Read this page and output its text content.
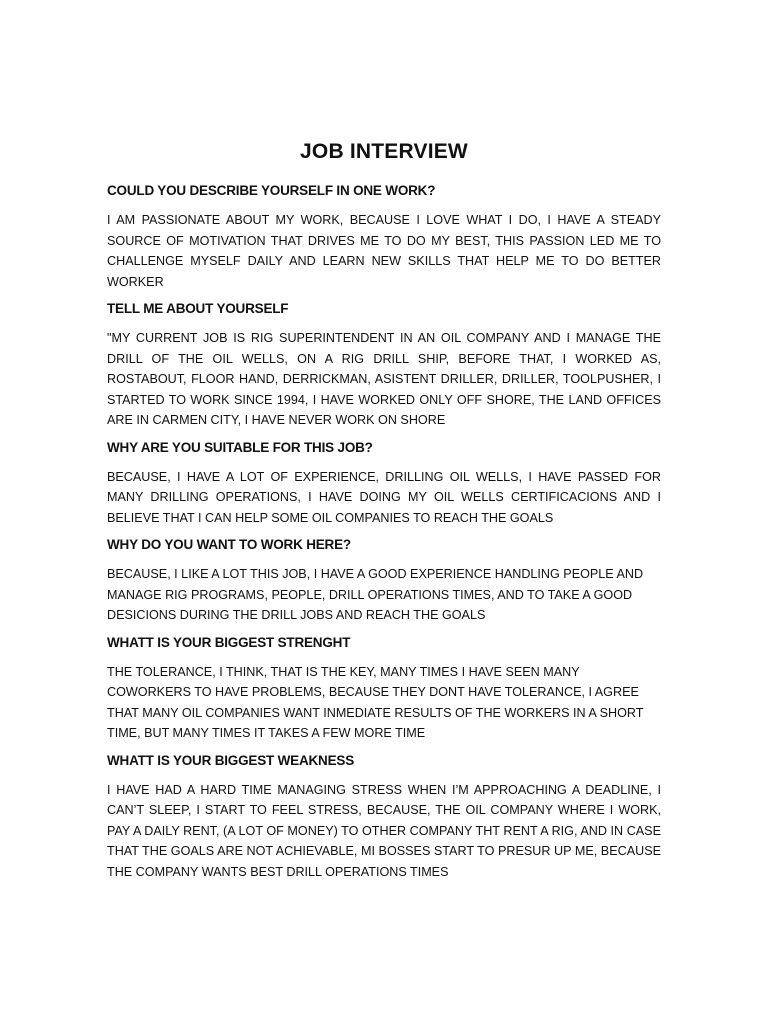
JOB INTERVIEW
COULD YOU DESCRIBE YOURSELF IN ONE WORK?

I AM PASSIONATE ABOUT MY WORK, BECAUSE I LOVE WHAT I DO, I HAVE A STEADY SOURCE OF MOTIVATION THAT DRIVES ME TO DO MY BEST, THIS PASSION LED ME TO CHALLENGE MYSELF DAILY AND LEARN NEW SKILLS THAT HELP ME TO DO BETTER WORKER

TELL ME ABOUT YOURSELF

"MY CURRENT JOB IS RIG SUPERINTENDENT IN AN OIL COMPANY AND I MANAGE THE DRILL OF THE OIL WELLS, ON A RIG DRILL SHIP, BEFORE THAT, I WORKED AS, ROSTABOUT, FLOOR HAND, DERRICKMAN, ASISTENT DRILLER, DRILLER, TOOLPUSHER, I STARTED TO WORK SINCE 1994, I HAVE WORKED ONLY OFF SHORE, THE LAND OFFICES ARE IN CARMEN CITY, I HAVE NEVER WORK ON SHORE

WHY ARE YOU SUITABLE FOR THIS JOB?

BECAUSE, I HAVE A LOT OF EXPERIENCE, DRILLING OIL WELLS, I HAVE PASSED FOR MANY DRILLING OPERATIONS, I HAVE DOING MY OIL WELLS CERTIFICACIONS AND I BELIEVE THAT I CAN HELP SOME OIL COMPANIES TO REACH THE GOALS

WHY DO YOU WANT TO WORK HERE?

BECAUSE, I LIKE A LOT THIS JOB, I HAVE A GOOD EXPERIENCE HANDLING PEOPLE AND MANAGE RIG PROGRAMS, PEOPLE, DRILL OPERATIONS TIMES, AND TO TAKE A GOOD DESICIONS DURING THE DRILL JOBS AND REACH THE GOALS

WHATT IS YOUR BIGGEST STRENGHT

THE TOLERANCE, I THINK, THAT IS THE KEY, MANY TIMES I HAVE SEEN MANY COWORKERS TO HAVE PROBLEMS, BECAUSE THEY DONT HAVE TOLERANCE, I AGREE THAT MANY OIL COMPANIES WANT INMEDIATE RESULTS OF THE WORKERS IN A SHORT TIME, BUT MANY TIMES IT TAKES A FEW MORE TIME

WHATT IS YOUR BIGGEST WEAKNESS

I HAVE HAD A HARD TIME MANAGING STRESS WHEN I’M APPROACHING A DEADLINE, I CAN’T SLEEP, I START TO FEEL STRESS, BECAUSE, THE OIL COMPANY WHERE I WORK, PAY A DAILY RENT, (A LOT OF MONEY) TO OTHER COMPANY THT RENT A RIG, AND IN CASE THAT THE GOALS ARE NOT ACHIEVABLE, MI BOSSES START TO PRESUR UP ME, BECAUSE THE COMPANY WANTS BEST DRILL OPERATIONS TIMES
